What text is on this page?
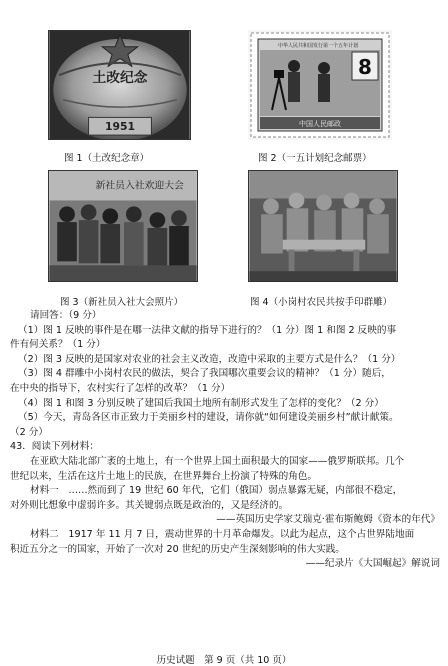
土改纪念
1951
中华人民共和国发行第一个五年计划
8
中国人民邮政
图 1（土改纪念章）	图 2（一五计划纪念邮票）
新社员入社欢迎大会
图 3（新社员入社大会照片）	图 4（小岗村农民共按手印群雕）
请回答：（9 分）
（1）图 1 反映的事件是在哪一法律文献的指导下进行的？（1 分）图 1 和图 2 反映的事
件有何关系？（1 分）
（2）图 3 反映的是国家对农业的社会主义改造，改造中采取的主要方式是什么？（1 分）
（3）图 4 群雕中小岗村农民的做法，契合了我国哪次重要会议的精神？（1 分）随后，
在中央的指导下，农村实行了怎样的改革？（1 分）
（4）图 1 和图 3 分别反映了建国后我国土地所有制形式发生了怎样的变化？（2 分）
（5）今天，青岛各区市正致力于美丽乡村的建设，请你就“如何建设美丽乡村”献计献策。
（2 分）
43．阅读下列材料：
在亚欧大陆北部广袤的土地上，有一个世界上国土面积最大的国家——俄罗斯联邦。几个
世纪以来，生活在这片土地上的民族，在世界舞台上扮演了特殊的角色。
材料一　……然而到了 19 世纪 60 年代，它们（俄国）弱点暴露无疑，内部很不稳定，
对外则比想象中虚弱许多。其关键弱点既是政治的，又是经济的。
——英国历史学家艾瑞克·霍布斯鲍姆《资本的年代》
材料二　1917 年 11 月 7 日，震动世界的十月革命爆发。以此为起点，这个占世界陆地面
积近五分之一的国家，开始了一次对 20 世纪的历史产生深刻影响的伟大实践。
——纪录片《大国崛起》解说词
历史试题　第 9 页（共 10 页）
